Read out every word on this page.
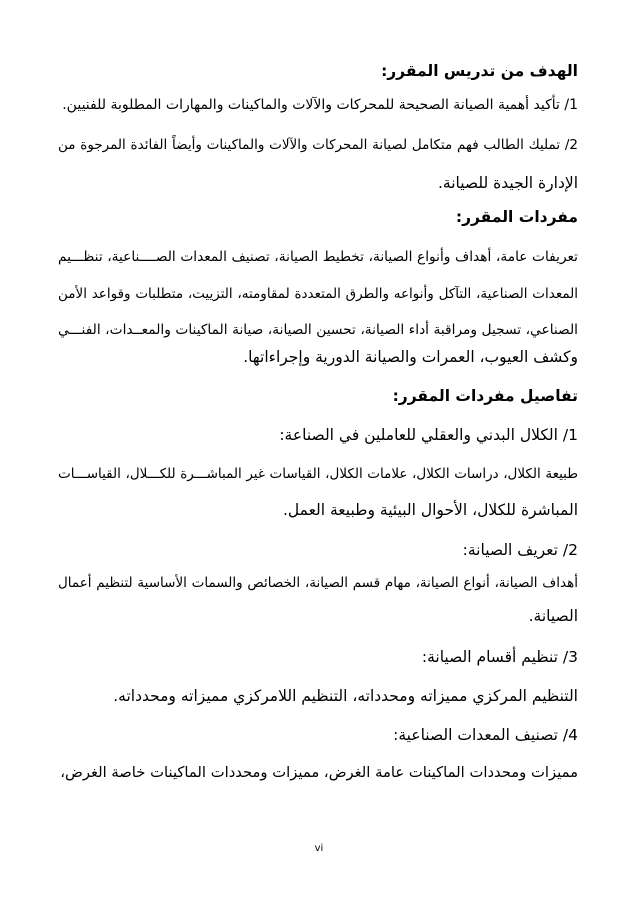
الهدف من تدريس المقرر:
1/ تأكيد أهمية الصيانة الصحيحة للمحركات والآلات والماكينات والمهارات المطلوبة للفنيين.
2/ تمليك الطالب فهم متكامل لصيانة المحركات والآلات والماكينات وأيضاً الفائدة المرجوة من
الإدارة الجيدة للصيانة.
مفردات المقرر:
تعريفات عامة، أهداف وأنواع الصيانة، تخطيط الصيانة، تصنيف المعدات الصــــناعية، تنظـــيم
المعدات الصناعية، التآكل وأنواعه والطرق المتعددة لمقاومته، التزييت، متطلبات وقواعد الأمن
الصناعي، تسجيل ومراقبة أداء الصيانة، تحسين الصيانة، صيانة الماكينات والمعــدات، الفنـــي
وكشف العيوب، العمرات والصيانة الدورية وإجراءاتها.
تفاصيل مفردات المقرر:
1/ الكلال البدني والعقلي للعاملين في الصناعة:
طبيعة الكلال، دراسات الكلال، علامات الكلال، القياسات غير المباشـــرة للكـــلال، القياســـات
المباشرة للكلال، الأحوال البيئية وطبيعة العمل.
2/ تعريف الصيانة:
أهداف الصيانة، أنواع الصيانة، مهام قسم الصيانة، الخصائص والسمات الأساسية لتنظيم أعمال
الصيانة.
3/ تنظيم أقسام الصيانة:
التنظيم المركزي مميزاته ومحدداته، التنظيم اللامركزي مميزاته ومحدداته.
4/ تصنيف المعدات الصناعية:
مميزات ومحددات الماكينات عامة الغرض، مميزات ومحددات الماكينات خاصة الغرض،
vi
